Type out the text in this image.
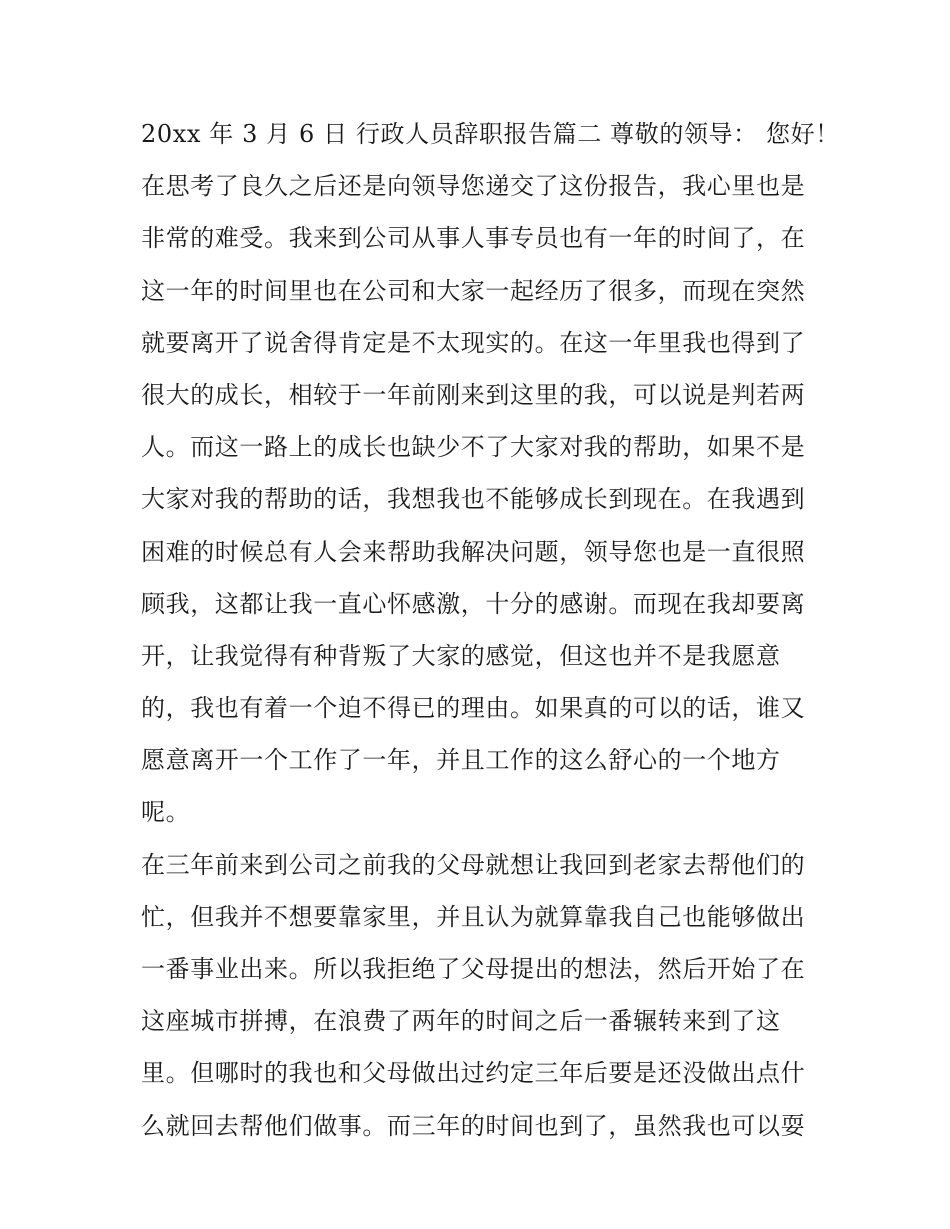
20xx 年 3 月 6 日 行政人员辞职报告篇二 尊敬的领导： 您好！
在思考了良久之后还是向领导您递交了这份报告，我心里也是
非常的难受。我来到公司从事人事专员也有一年的时间了，在
这一年的时间里也在公司和大家一起经历了很多，而现在突然
就要离开了说舍得肯定是不太现实的。在这一年里我也得到了
很大的成长，相较于一年前刚来到这里的我，可以说是判若两
人。而这一路上的成长也缺少不了大家对我的帮助，如果不是
大家对我的帮助的话，我想我也不能够成长到现在。在我遇到
困难的时候总有人会来帮助我解决问题，领导您也是一直很照
顾我，这都让我一直心怀感激，十分的感谢。而现在我却要离
开，让我觉得有种背叛了大家的感觉，但这也并不是我愿意
的，我也有着一个迫不得已的理由。如果真的可以的话，谁又
愿意离开一个工作了一年，并且工作的这么舒心的一个地方
呢。
在三年前来到公司之前我的父母就想让我回到老家去帮他们的
忙，但我并不想要靠家里，并且认为就算靠我自己也能够做出
一番事业出来。所以我拒绝了父母提出的想法，然后开始了在
这座城市拼搏，在浪费了两年的时间之后一番辗转来到了这
里。但哪时的我也和父母做出过约定三年后要是还没做出点什
么就回去帮他们做事。而三年的时间也到了，虽然我也可以耍
